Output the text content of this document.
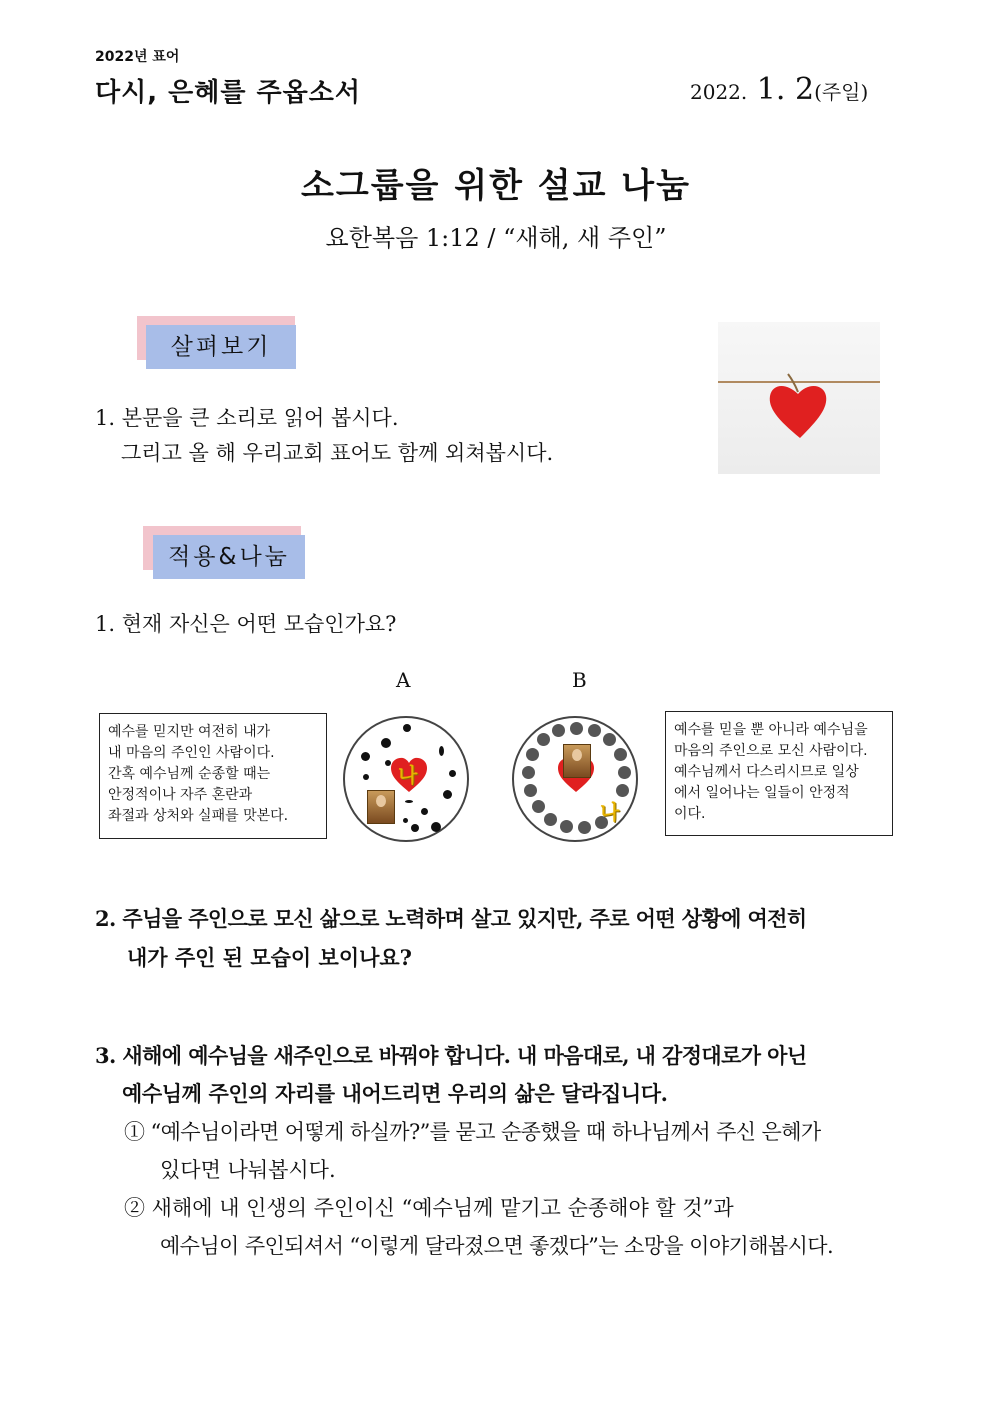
2022년 표어
다시, 은혜를 주옵소서	2022. 1. 2(주일)
소그룹을 위한 설교 나눔
요한복음 1:12 / “새해, 새 주인”
살펴보기
1. 본문을 큰 소리로 읽어 봅시다.
그리고 올 해 우리교회 표어도 함께 외쳐봅시다.
적용&나눔
1. 현재 자신은 어떤 모습인가요?
A	B
예수를 믿지만 여전히 내가
내 마음의 주인인 사람이다.
간혹 예수님께 순종할 때는
안정적이나 자주 혼란과
좌절과 상처와 실패를 맛본다.
나
나
예수를 믿을 뿐 아니라 예수님을
마음의 주인으로 모신 사람이다.
예수님께서 다스리시므로 일상
에서 일어나는 일들이 안정적
이다.
2. 주님을 주인으로 모신 삶으로 노력하며 살고 있지만, 주로 어떤 상황에 여전히
내가 주인 된 모습이 보이나요?
3. 새해에 예수님을 새주인으로 바꿔야 합니다. 내 마음대로, 내 감정대로가 아닌
예수님께 주인의 자리를 내어드리면 우리의 삶은 달라집니다.
① “예수님이라면 어떻게 하실까?”를 묻고 순종했을 때 하나님께서 주신 은혜가
있다면 나눠봅시다.
② 새해에 내 인생의 주인이신 “예수님께 맡기고 순종해야 할 것”과
예수님이 주인되셔서 “이렇게 달라졌으면 좋겠다”는 소망을 이야기해봅시다.
